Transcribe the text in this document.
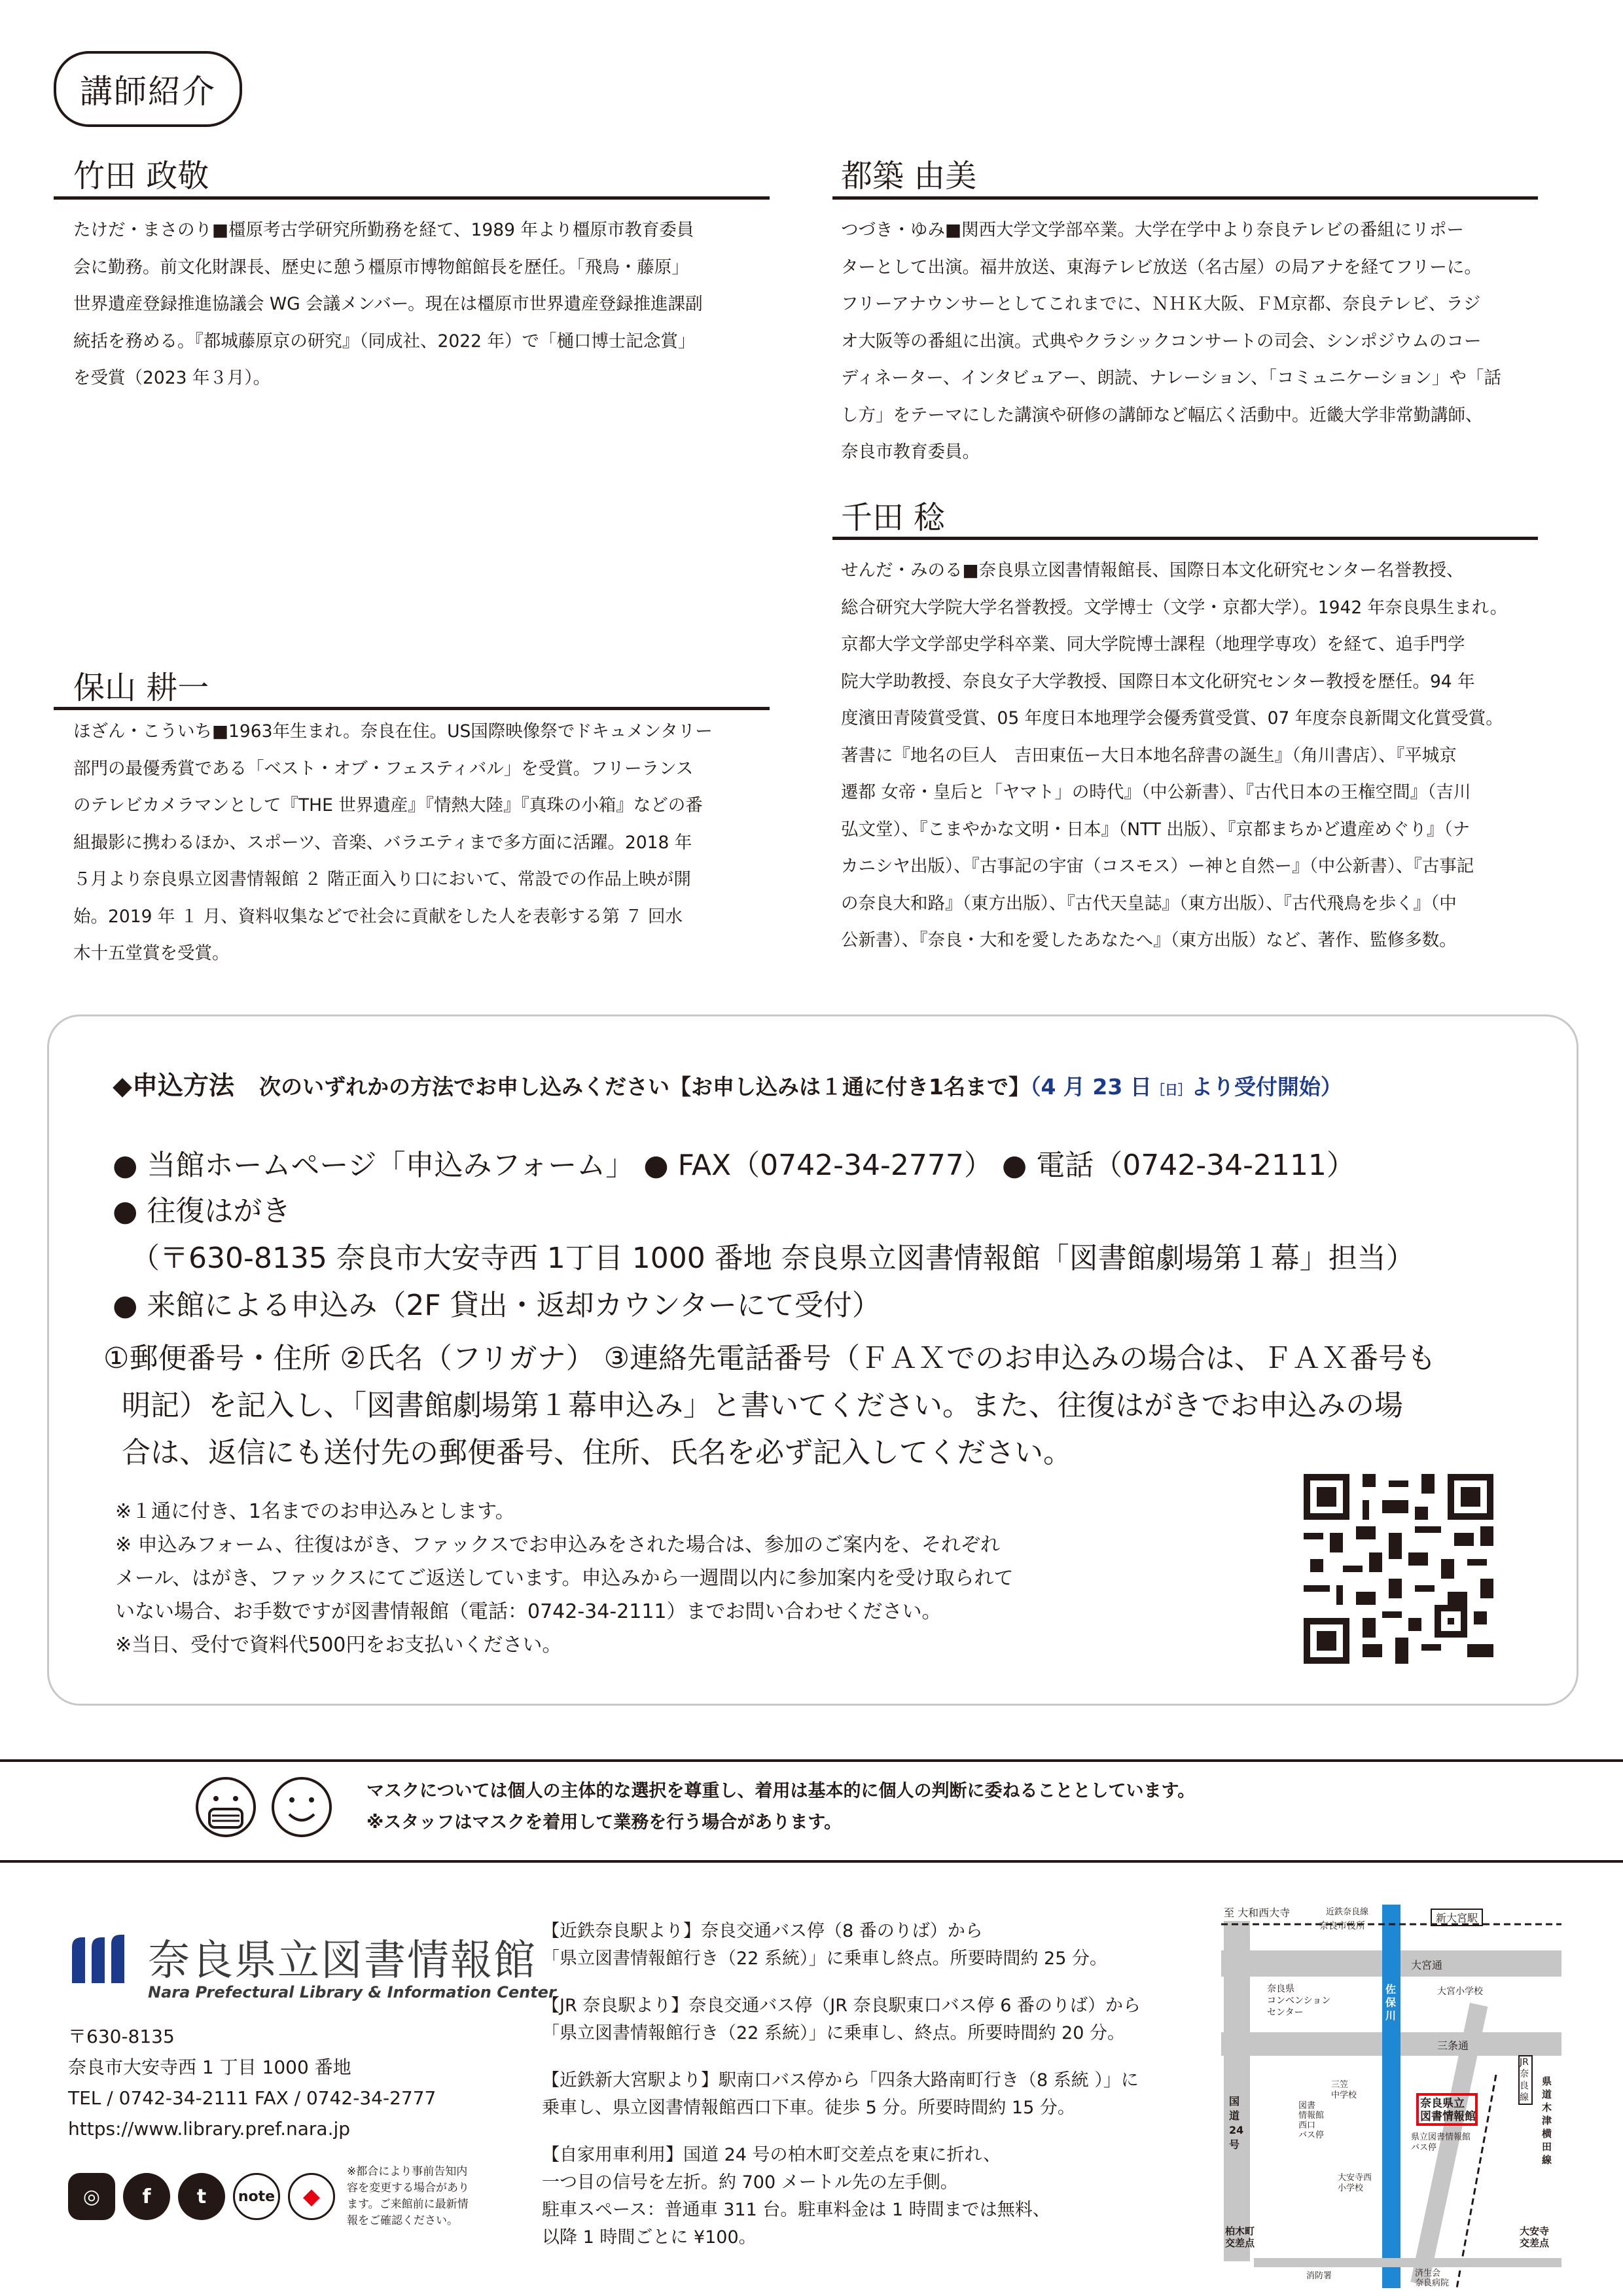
講師紹介
竹田 政敬

たけだ・まさのり■橿原考古学研究所勤務を経て、1989 年より橿原市教育委員

会に勤務。前文化財課長、歴史に憩う橿原市博物館館長を歴任。「飛鳥・藤原」

世界遺産登録推進協議会 WG 会議メンバー。現在は橿原市世界遺産登録推進課副

統括を務める。『都城藤原京の研究』（同成社、2022 年）で「樋口博士記念賞」

を受賞（2023 年３月）。

都築 由美

つづき・ゆみ■関西大学文学部卒業。大学在学中より奈良テレビの番組にリポー

ターとして出演。福井放送、東海テレビ放送（名古屋）の局アナを経てフリーに。

フリーアナウンサーとしてこれまでに、ＮＨＫ大阪、ＦＭ京都、奈良テレビ、ラジ

オ大阪等の番組に出演。式典やクラシックコンサートの司会、シンポジウムのコー

ディネーター、インタビュアー、朗読、ナレーション、「コミュニケーション」や「話

し方」をテーマにした講演や研修の講師など幅広く活動中。近畿大学非常勤講師、

奈良市教育委員。

千田 稔

せんだ・みのる■奈良県立図書情報館長、国際日本文化研究センター名誉教授、

総合研究大学院大学名誉教授。文学博士（文学・京都大学）。1942 年奈良県生まれ。

京都大学文学部史学科卒業、同大学院博士課程（地理学専攻）を経て、追手門学

院大学助教授、奈良女子大学教授、国際日本文化研究センター教授を歴任。94 年

度濱田青陵賞受賞、05 年度日本地理学会優秀賞受賞、07 年度奈良新聞文化賞受賞。

著書に『地名の巨人　吉田東伍ー大日本地名辞書の誕生』（角川書店）、『平城京

遷都 女帝・皇后と「ヤマト」の時代』（中公新書）、『古代日本の王権空間』（吉川

弘文堂）、『こまやかな文明・日本』（NTT 出版）、『京都まちかど遺産めぐり』（ナ

カニシヤ出版）、『古事記の宇宙（コスモス）ー神と自然ー』（中公新書）、『古事記

の奈良大和路』（東方出版）、『古代天皇誌』（東方出版）、『古代飛鳥を歩く』（中

公新書）、『奈良・大和を愛したあなたへ』（東方出版）など、著作、監修多数。

保山 耕一

ほざん・こういち■1963年生まれ。奈良在住。US国際映像祭でドキュメンタリー

部門の最優秀賞である「ベスト・オブ・フェスティバル」を受賞。フリーランス

のテレビカメラマンとして『THE 世界遺産』『情熱大陸』『真珠の小箱』などの番

組撮影に携わるほか、スポーツ、音楽、バラエティまで多方面に活躍。2018 年

５月より奈良県立図書情報館 ２ 階正面入り口において、常設での作品上映が開

始。2019 年 １ 月、資料収集などで社会に貢献をした人を表彰する第 ７ 回水

木十五堂賞を受賞。

◆申込方法 次のいずれかの方法でお申し込みください【お申し込みは１通に付き1名まで】（4 月 23 日［日］より受付開始）
● 当館ホームページ「申込みフォーム」 ● FAX（0742-34-2777） ● 電話（0742-34-2111）
● 往復はがき
（〒630-8135 奈良市大安寺西 1丁目 1000 番地 奈良県立図書情報館「図書館劇場第１幕」担当）
● 来館による申込み（2F 貸出・返却カウンターにて受付）
①郵便番号・住所 ②氏名（フリガナ） ③連絡先電話番号（ＦＡＸでのお申込みの場合は、ＦＡＸ番号も
明記）を記入し、「図書館劇場第１幕申込み」と書いてください。また、往復はがきでお申込みの場
合は、返信にも送付先の郵便番号、住所、氏名を必ず記入してください。
※１通に付き、1名までのお申込みとします。
※ 申込みフォーム、往復はがき、ファックスでお申込みをされた場合は、参加のご案内を、それぞれ
メール、はがき、ファックスにてご返送しています。申込みから一週間以内に参加案内を受け取られて
いない場合、お手数ですが図書情報館（電話：0742-34-2111）までお問い合わせください。
※当日、受付で資料代500円をお支払いください。
マスクについては個人の主体的な選択を尊重し、着用は基本的に個人の判断に委ねることとしています。
※スタッフはマスクを着用して業務を行う場合があります。
奈良県立図書情報館
Nara Prefectural Library & Information Center
〒630-8135
奈良市大安寺西 1 丁目 1000 番地
TEL / 0742-34-2111 FAX / 0742-34-2777
https://www.library.pref.nara.jp
◎	f	t	note ◆
※都合により事前告知内
容を変更する場合があり
ます。ご来館前に最新情
報をご確認ください。
【近鉄奈良駅より】奈良交通バス停（8 番のりば）から
「県立図書情報館行き（22 系統）」に乗車し終点。所要時間約 25 分。
【JR 奈良駅より】奈良交通バス停（JR 奈良駅東口バス停 6 番のりば）から
「県立図書情報館行き（22 系統）」に乗車し、終点。所要時間約 20 分。
【近鉄新大宮駅より】駅南口バス停から「四条大路南町行き（8 系統 ）」に
乗車し、県立図書情報館西口下車。徒歩 5 分。所要時間約 15 分。
【自家用車利用】国道 24 号の柏木町交差点を東に折れ、
一つ目の信号を左折。約 700 メートル先の左手側。
駐車スペース：普通車 311 台。駐車料金は 1 時間までは無料、
以降 1 時間ごとに ¥100。
至 大和西大寺	近鉄奈良線
奈良市役所
新大宮駅
大宮通
大宮小学校
奈良県
コンベンション
センター
佐保川
三条通
JR奈良線
県道木津横田線
国道24号
三笠
中学校
奈良県立
図書情報館
県立図書情報館
バス停
図書
情報館
西口
バス停
大安寺西
小学校
柏木町
交差点
大安寺
交差点
消防署	済生会
奈良病院
